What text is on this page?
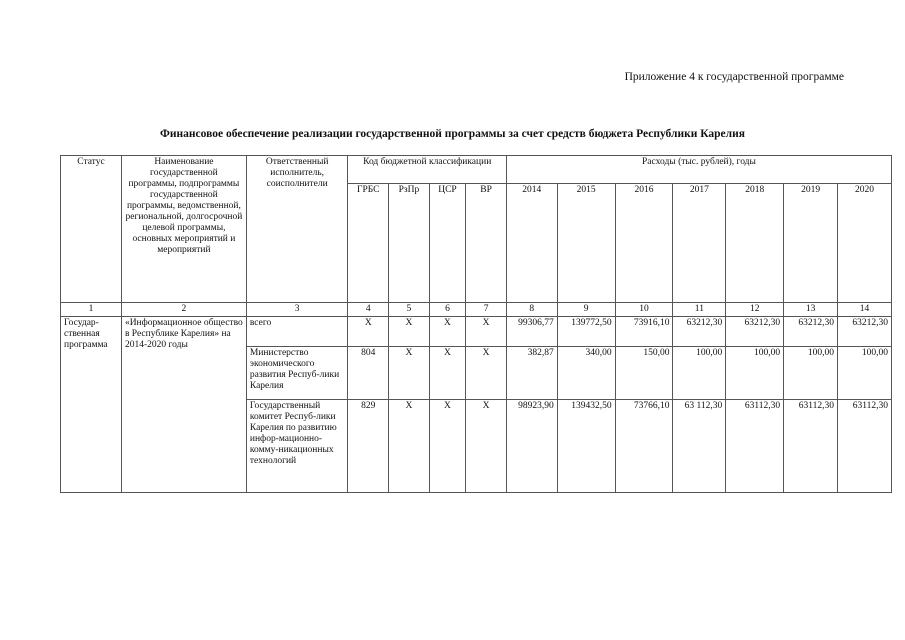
Приложение 4 к государственной программе
Финансовое обеспечение реализации государственной программы за счет средств бюджета Республики Карелия
Статус	Наименование государственной программы, подпрограммы государственной программы, ведомственной, региональной, долгосрочной целевой программы, основных мероприятий и мероприятий	Ответственный исполнитель, соисполнители	Код бюджетной классификации				Расходы (тыс. рублей), годы						
			ГРБС	РзПр	ЦСР	ВР	2014	2015	2016	2017	2018	2019	2020
1	2	3	4	5	6	7	8	9	10	11	12	13	14
Государ-ственная программа	«Информационное общество в Республике Карелия» на 2014-2020 годы	всего	Х	Х	Х	Х	99306,77	139772,50	73916,10	63212,30	63212,30	63212,30	63212,30
		Министерство экономического развития Респуб-лики Карелия	804	Х	Х	Х	382,87	340,00	150,00	100,00	100,00	100,00	100,00
		Государственный комитет Респуб-лики Карелия по развитию инфор-мационно-комму-никационных технологий	829	Х	Х	Х	98923,90	139432,50	73766,10	63 112,30	63112,30	63112,30	63112,30
